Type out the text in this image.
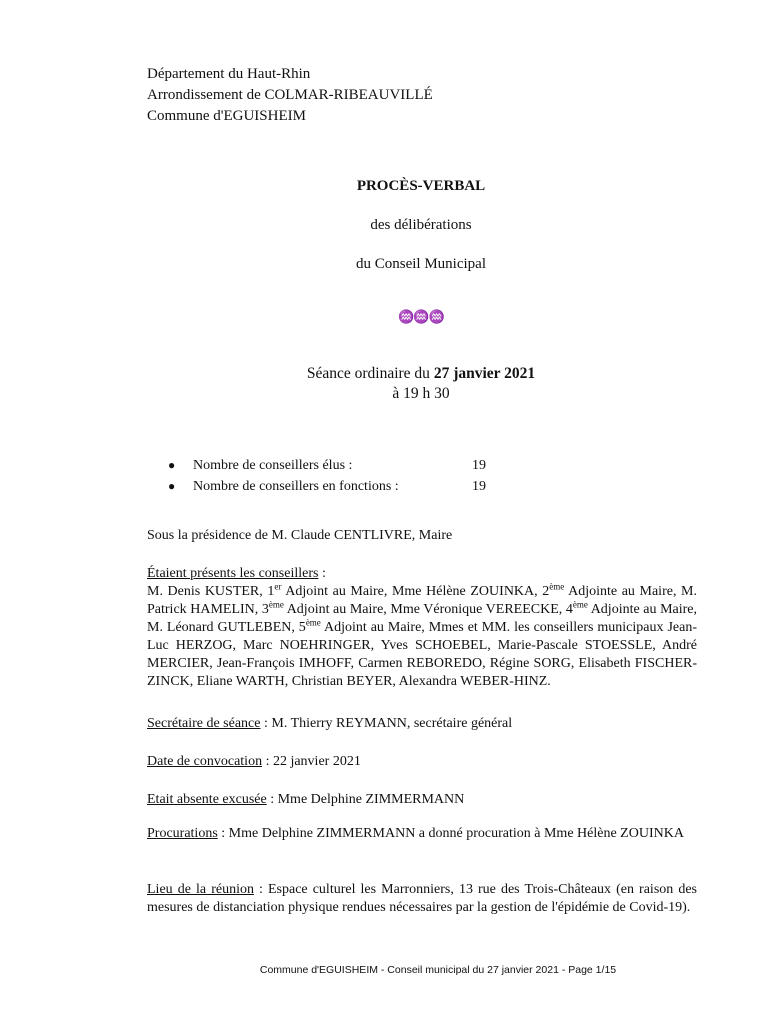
Département du Haut-Rhin
Arrondissement de COLMAR-RIBEAUVILLÉ
Commune d'EGUISHEIM
PROCÈS-VERBAL
des délibérations
du Conseil Municipal
♒♒♒
Séance ordinaire du 27 janvier 2021
à 19 h 30
●	Nombre de conseillers élus :	19
●	Nombre de conseillers en fonctions :	19
Sous la présidence de M. Claude CENTLIVRE, Maire

Étaient présents les conseillers :

M. Denis KUSTER, 1er Adjoint au Maire, Mme Hélène ZOUINKA, 2ème Adjointe au Maire, M. Patrick HAMELIN, 3ème Adjoint au Maire, Mme Véronique VEREECKE, 4ème Adjointe au Maire, M. Léonard GUTLEBEN, 5ème Adjoint au Maire, Mmes et MM. les conseillers municipaux Jean-Luc HERZOG, Marc NOEHRINGER, Yves SCHOEBEL, Marie-Pascale STOESSLE, André MERCIER, Jean-François IMHOFF, Carmen REBOREDO, Régine SORG, Elisabeth FISCHER-ZINCK, Eliane WARTH, Christian BEYER, Alexandra WEBER-HINZ.

Secrétaire de séance : M. Thierry REYMANN, secrétaire général
Date de convocation : 22 janvier 2021
Etait absente excusée : Mme Delphine ZIMMERMANN
Procurations : Mme Delphine ZIMMERMANN a donné procuration à Mme Hélène ZOUINKA
Lieu de la réunion : Espace culturel les Marronniers, 13 rue des Trois-Châteaux (en raison des mesures de distanciation physique rendues nécessaires par la gestion de l'épidémie de Covid-19).
Commune d'EGUISHEIM - Conseil municipal du 27 janvier 2021 - Page 1/15
